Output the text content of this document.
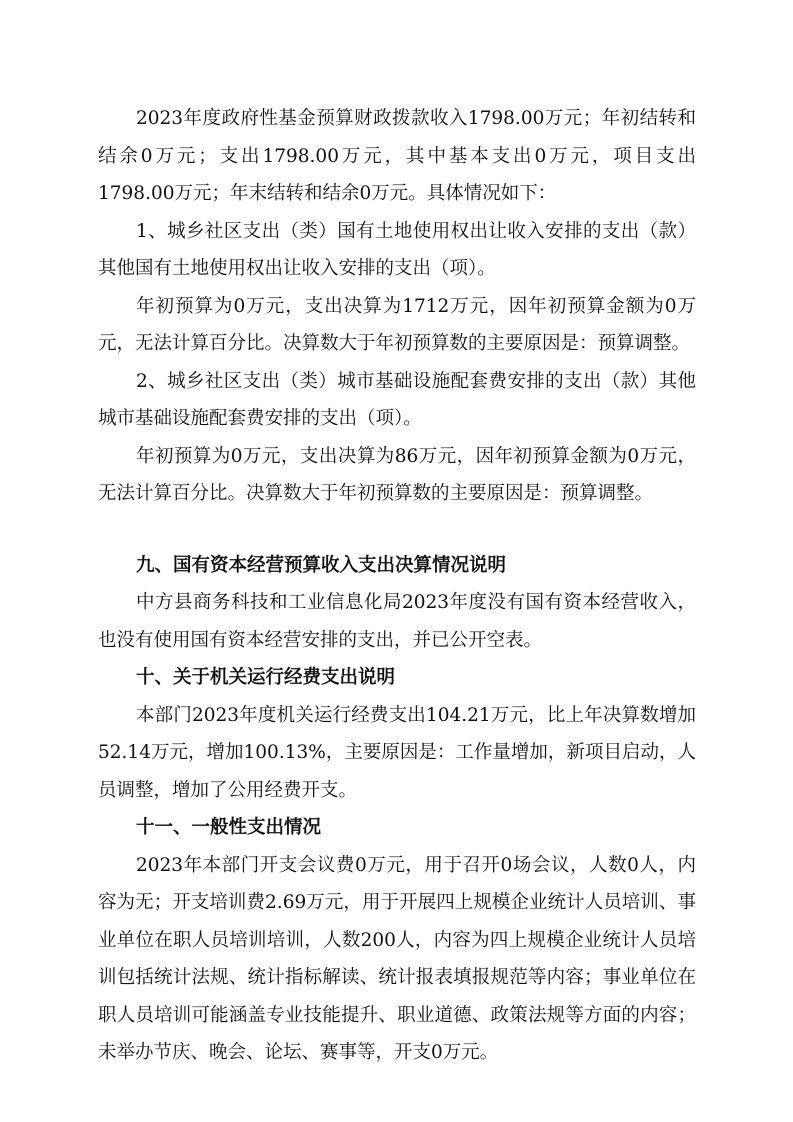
2023年度政府性基金预算财政拨款收入1798.00万元；年初结转和结余0万元；支出1798.00万元，其中基本支出0万元，项目支出1798.00万元；年末结转和结余0万元。具体情况如下：

1、城乡社区支出（类）国有土地使用权出让收入安排的支出（款）其他国有土地使用权出让收入安排的支出（项）。

年初预算为0万元，支出决算为1712万元，因年初预算金额为0万元，无法计算百分比。决算数大于年初预算数的主要原因是：预算调整。

2、城乡社区支出（类）城市基础设施配套费安排的支出（款）其他城市基础设施配套费安排的支出（项）。

年初预算为0万元，支出决算为86万元，因年初预算金额为0万元，无法计算百分比。决算数大于年初预算数的主要原因是：预算调整。

九、国有资本经营预算收入支出决算情况说明

中方县商务科技和工业信息化局2023年度没有国有资本经营收入，也没有使用国有资本经营安排的支出，并已公开空表。

十、关于机关运行经费支出说明

本部门2023年度机关运行经费支出104.21万元，比上年决算数增加52.14万元，增加100.13%，主要原因是：工作量增加，新项目启动，人员调整，增加了公用经费开支。

十一、一般性支出情况

2023年本部门开支会议费0万元，用于召开0场会议，人数0人，内容为无；开支培训费2.69万元，用于开展四上规模企业统计人员培训、事业单位在职人员培训培训，人数200人，内容为四上规模企业统计人员培训包括统计法规、统计指标解读、统计报表填报规范等内容；事业单位在职人员培训可能涵盖专业技能提升、职业道德、政策法规等方面的内容；未举办节庆、晚会、论坛、赛事等，开支0万元。
